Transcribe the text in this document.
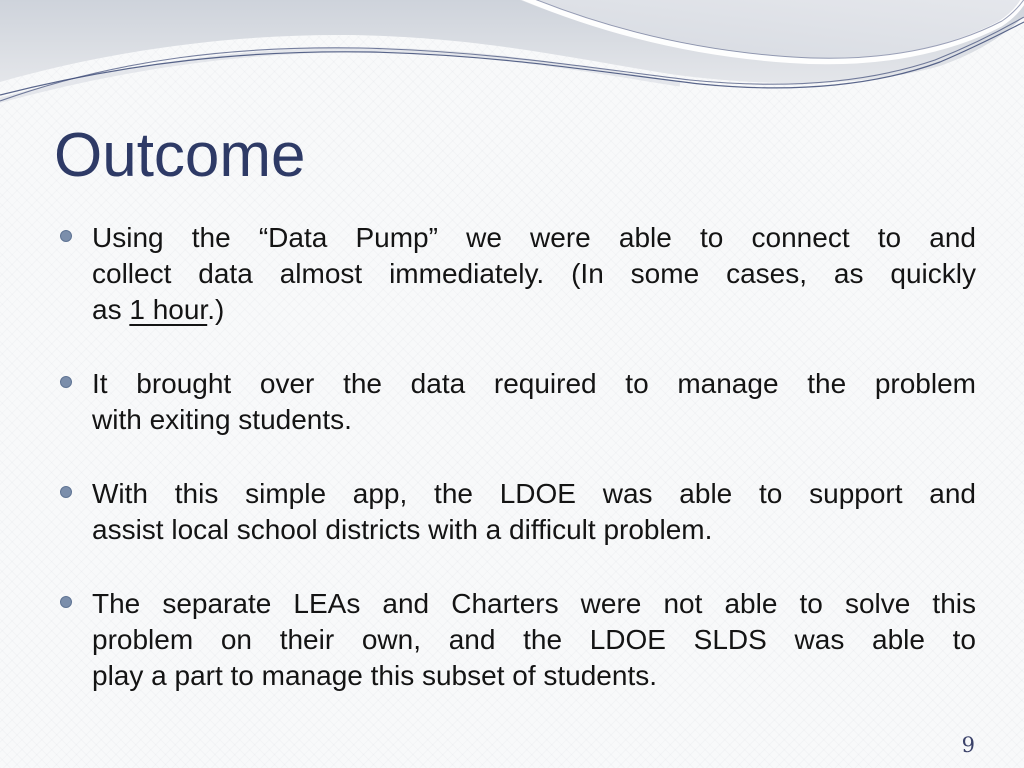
Outcome
Using the “Data Pump” we were able to connect to and
collect data almost immediately. (In some cases, as quickly
as 1 hour.)
It brought over the data required to manage the problem
with exiting students.
With this simple app, the LDOE was able to support and
assist local school districts with a difficult problem.
The separate LEAs and Charters were not able to solve this
problem on their own, and the LDOE SLDS was able to
play a part to manage this subset of students.
9
